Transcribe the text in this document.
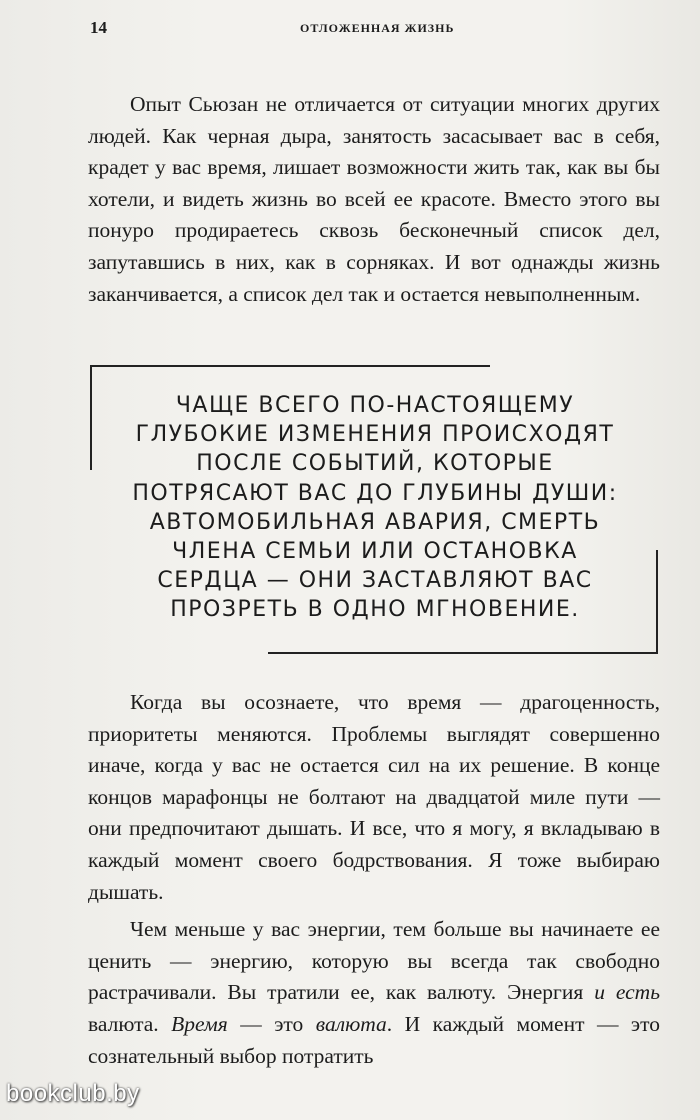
14	ОТЛОЖЕННАЯ ЖИЗНЬ

Опыт Сьюзан не отличается от ситуации многих других людей. Как черная дыра, занятость засасывает вас в себя, крадет у вас время, лишает возможности жить так, как вы бы хотели, и видеть жизнь во всей ее красоте. Вместо этого вы понуро продираетесь сквозь бесконечный список дел, запутавшись в них, как в сорняках. И вот однажды жизнь заканчивается, а список дел так и остается невыполненным.

ЧАЩЕ ВСЕГО ПО-НАСТОЯЩЕМУ
ГЛУБОКИЕ ИЗМЕНЕНИЯ ПРОИСХОДЯТ
ПОСЛЕ СОБЫТИЙ, КОТОРЫЕ
ПОТРЯСАЮТ ВАС ДО ГЛУБИНЫ ДУШИ:
АВТОМОБИЛЬНАЯ АВАРИЯ, СМЕРТЬ
ЧЛЕНА СЕМЬИ ИЛИ ОСТАНОВКА
СЕРДЦА — ОНИ ЗАСТАВЛЯЮТ ВАС
ПРОЗРЕТЬ В ОДНО МГНОВЕНИЕ.

Когда вы осознаете, что время — драгоценность, приоритеты меняются. Проблемы выглядят совершенно иначе, когда у вас не остается сил на их решение. В конце концов марафонцы не болтают на двадцатой миле пути — они предпочитают дышать. И все, что я могу, я вкладываю в каждый момент своего бодрствования. Я тоже выбираю дышать.

Чем меньше у вас энергии, тем больше вы начинаете ее ценить — энергию, которую вы всегда так свободно растрачивали. Вы тратили ее, как валюту. Энергия и есть валюта. Время — это валюта. И каждый момент — это сознательный выбор потратить

bookclub.by
